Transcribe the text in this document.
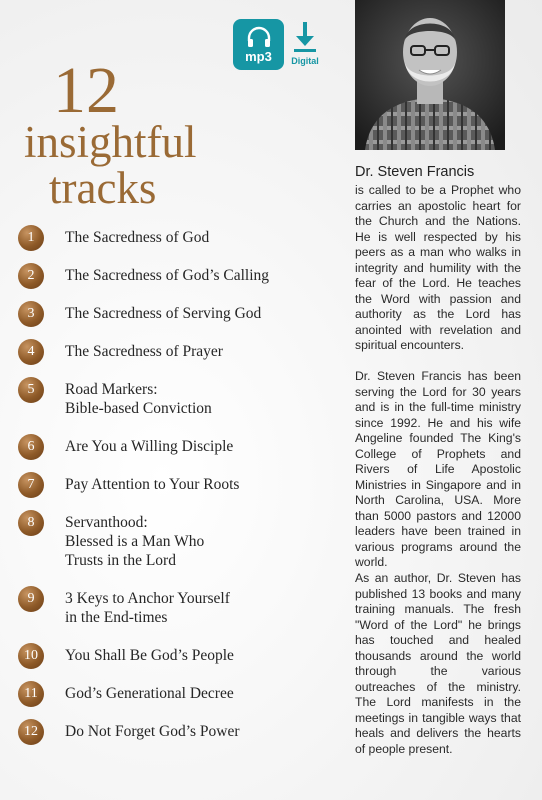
mp3 Digital
12
insightful
tracks
1	The Sacredness of God
2	The Sacredness of God’s Calling
3	The Sacredness of Serving God
4	The Sacredness of Prayer
5	Road Markers:
Bible-based Conviction
6	Are You a Willing Disciple
7	Pay Attention to Your Roots
8	Servanthood:
Blessed is a Man Who
Trusts in the Lord
9	3 Keys to Anchor Yourself
in the End-times
10	You Shall Be God’s People
11	God’s Generational Decree
12	Do Not Forget God’s Power
Dr. Steven Francis
is called to be a Prophet who carries an apostolic heart for the Church and the Nations. He is well respected by his peers as a man who walks in integrity and humility with the fear of the Lord. He teaches the Word with passion and authority as the Lord has anointed with revelation and spiritual encounters.
Dr. Steven Francis has been serving the Lord for 30 years and is in the full-time ministry since 1992. He and his wife Angeline founded The King's College of Prophets and Rivers of Life Apostolic Ministries in Singapore and in North Carolina, USA. More than 5000 pastors and 12000 leaders have been trained in various programs around the world.
As an author, Dr. Steven has published 13 books and many training manuals. The fresh "Word of the Lord" he brings has touched and healed thousands around the world through the various outreaches of the ministry. The Lord manifests in the meetings in tangible ways that heals and delivers the hearts of people present.
